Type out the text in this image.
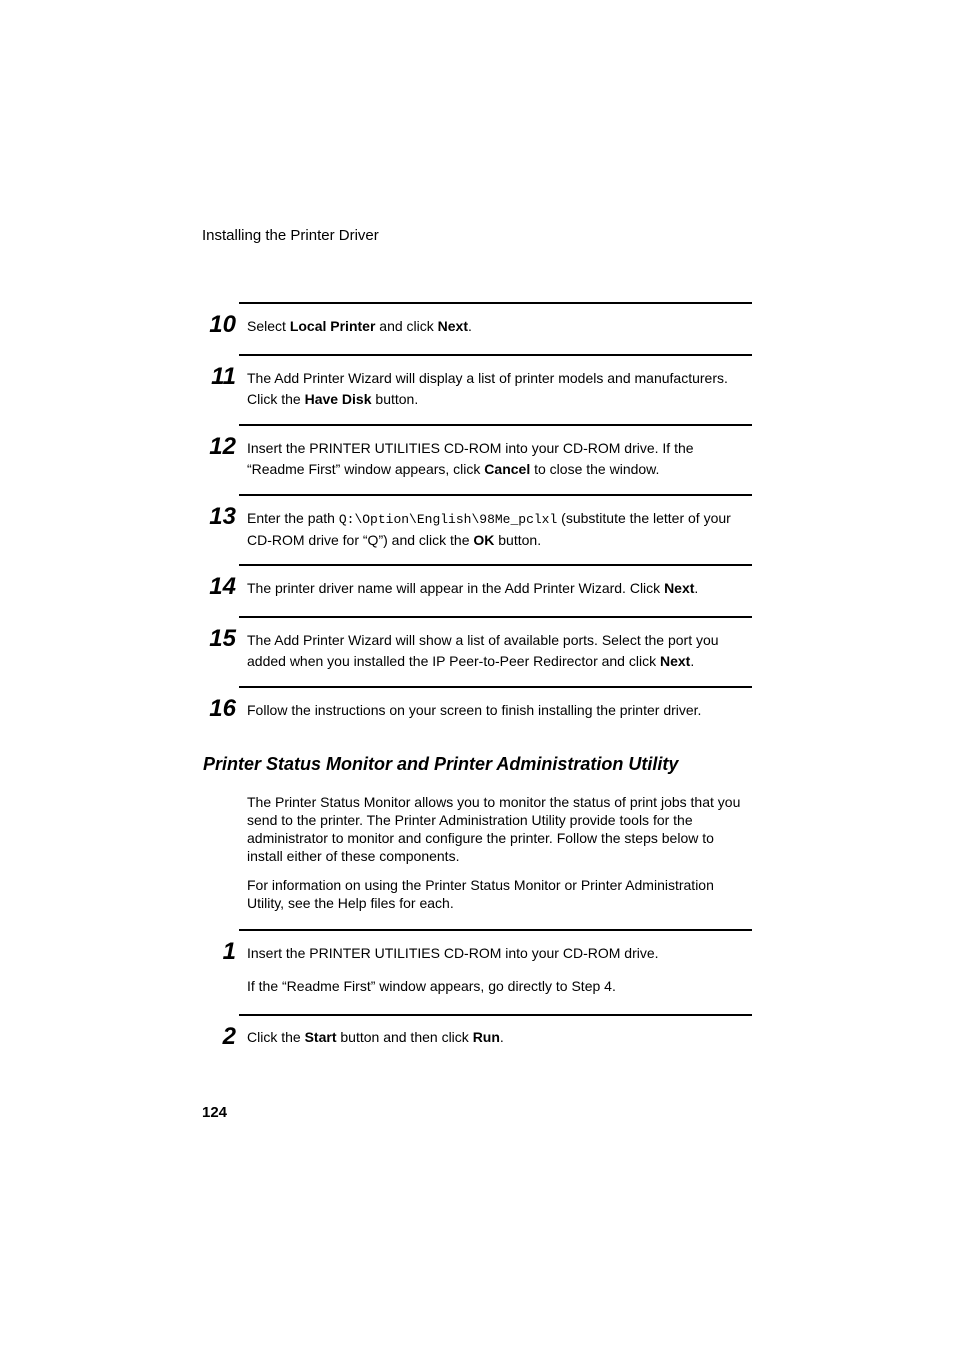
Installing the Printer Driver
10 Select Local Printer and click Next.
11 The Add Printer Wizard will display a list of printer models and manufacturers. Click the Have Disk button.
12 Insert the PRINTER UTILITIES CD-ROM into your CD-ROM drive. If the “Readme First” window appears, click Cancel to close the window.
13 Enter the path Q:\Option\English\98Me_pclxl (substitute the letter of your CD-ROM drive for “Q”) and click the OK button.
14 The printer driver name will appear in the Add Printer Wizard. Click Next.
15 The Add Printer Wizard will show a list of available ports. Select the port you added when you installed the IP Peer-to-Peer Redirector and click Next.
16 Follow the instructions on your screen to finish installing the printer driver.
Printer Status Monitor and Printer Administration Utility
The Printer Status Monitor allows you to monitor the status of print jobs that you send to the printer. The Printer Administration Utility provide tools for the administrator to monitor and configure the printer. Follow the steps below to install either of these components.
For information on using the Printer Status Monitor or Printer Administration Utility, see the Help files for each.
1 Insert the PRINTER UTILITIES CD-ROM into your CD-ROM drive.
If the “Readme First” window appears, go directly to Step 4.
2 Click the Start button and then click Run.
124
